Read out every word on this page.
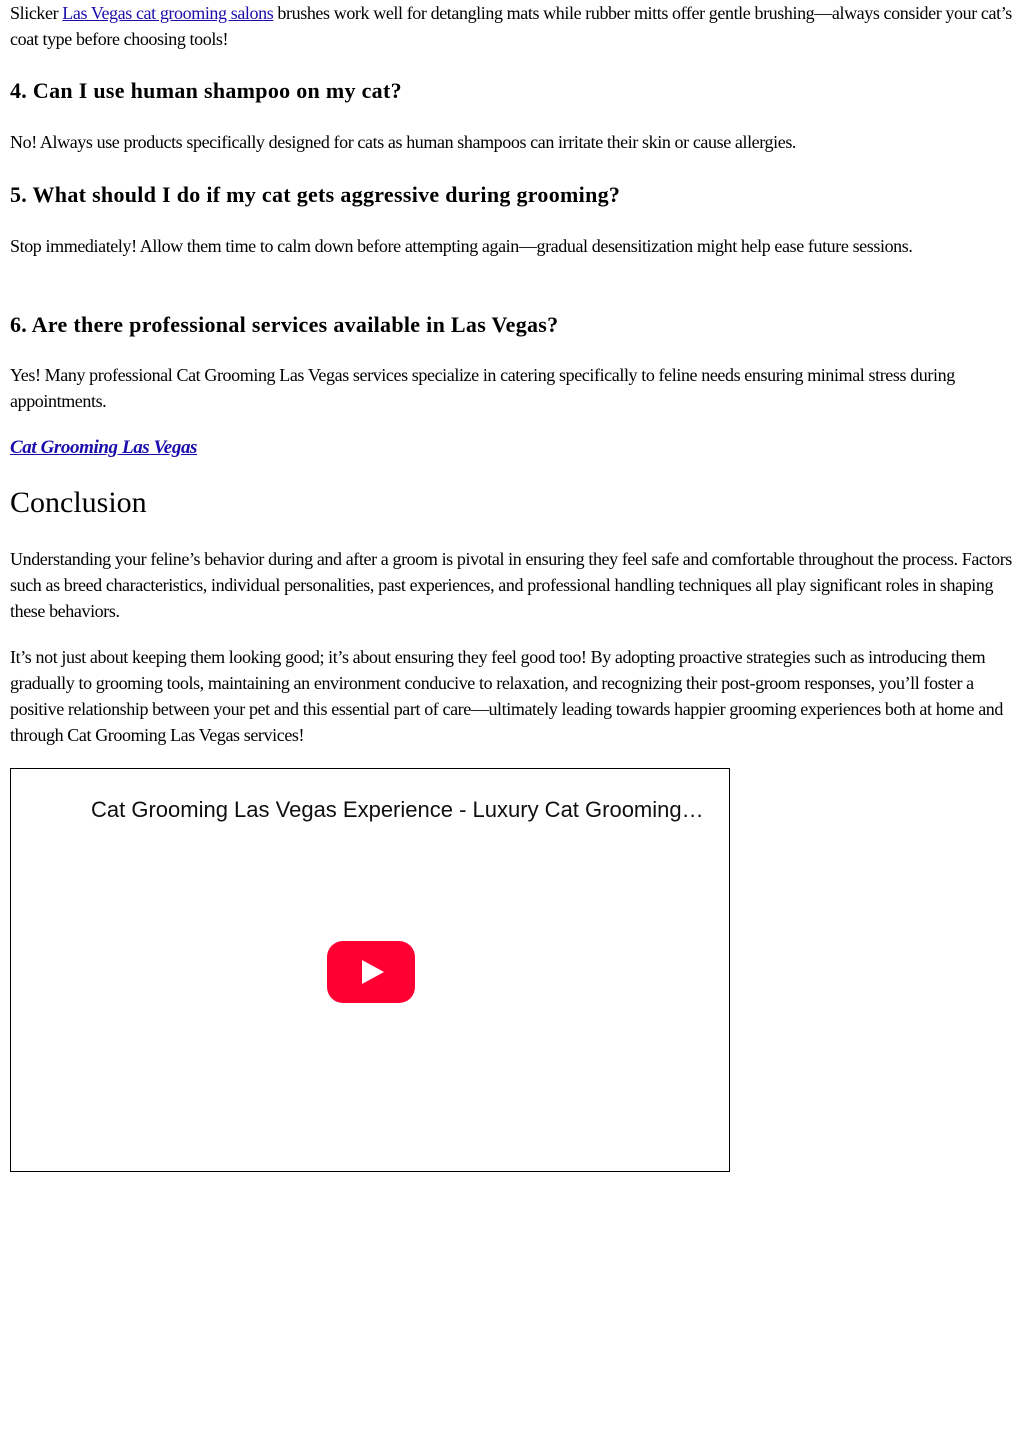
Slicker Las Vegas cat grooming salons brushes work well for detangling mats while rubber mitts offer gentle brushing—always consider your cat’s coat type before choosing tools!

4. Can I use human shampoo on my cat?

No! Always use products specifically designed for cats as human shampoos can irritate their skin or cause allergies.

5. What should I do if my cat gets aggressive during grooming?

Stop immediately! Allow them time to calm down before attempting again—gradual desensitization might help ease future sessions.

6. Are there professional services available in Las Vegas?

Yes! Many professional Cat Grooming Las Vegas services specialize in catering specifically to feline needs ensuring minimal stress during appointments.

Cat Grooming Las Vegas

Conclusion

Understanding your feline’s behavior during and after a groom is pivotal in ensuring they feel safe and comfortable throughout the process. Factors such as breed characteristics, individual personalities, past experiences, and professional handling techniques all play significant roles in shaping these behaviors.

It’s not just about keeping them looking good; it’s about ensuring they feel good too! By adopting proactive strategies such as introducing them gradually to grooming tools, maintaining an environment conducive to relaxation, and recognizing their post-groom responses, you’ll foster a positive relationship between your pet and this essential part of care—ultimately leading towards happier grooming experiences both at home and through Cat Grooming Las Vegas services!

Cat Grooming Las Vegas Experience - Luxury Cat Grooming…
